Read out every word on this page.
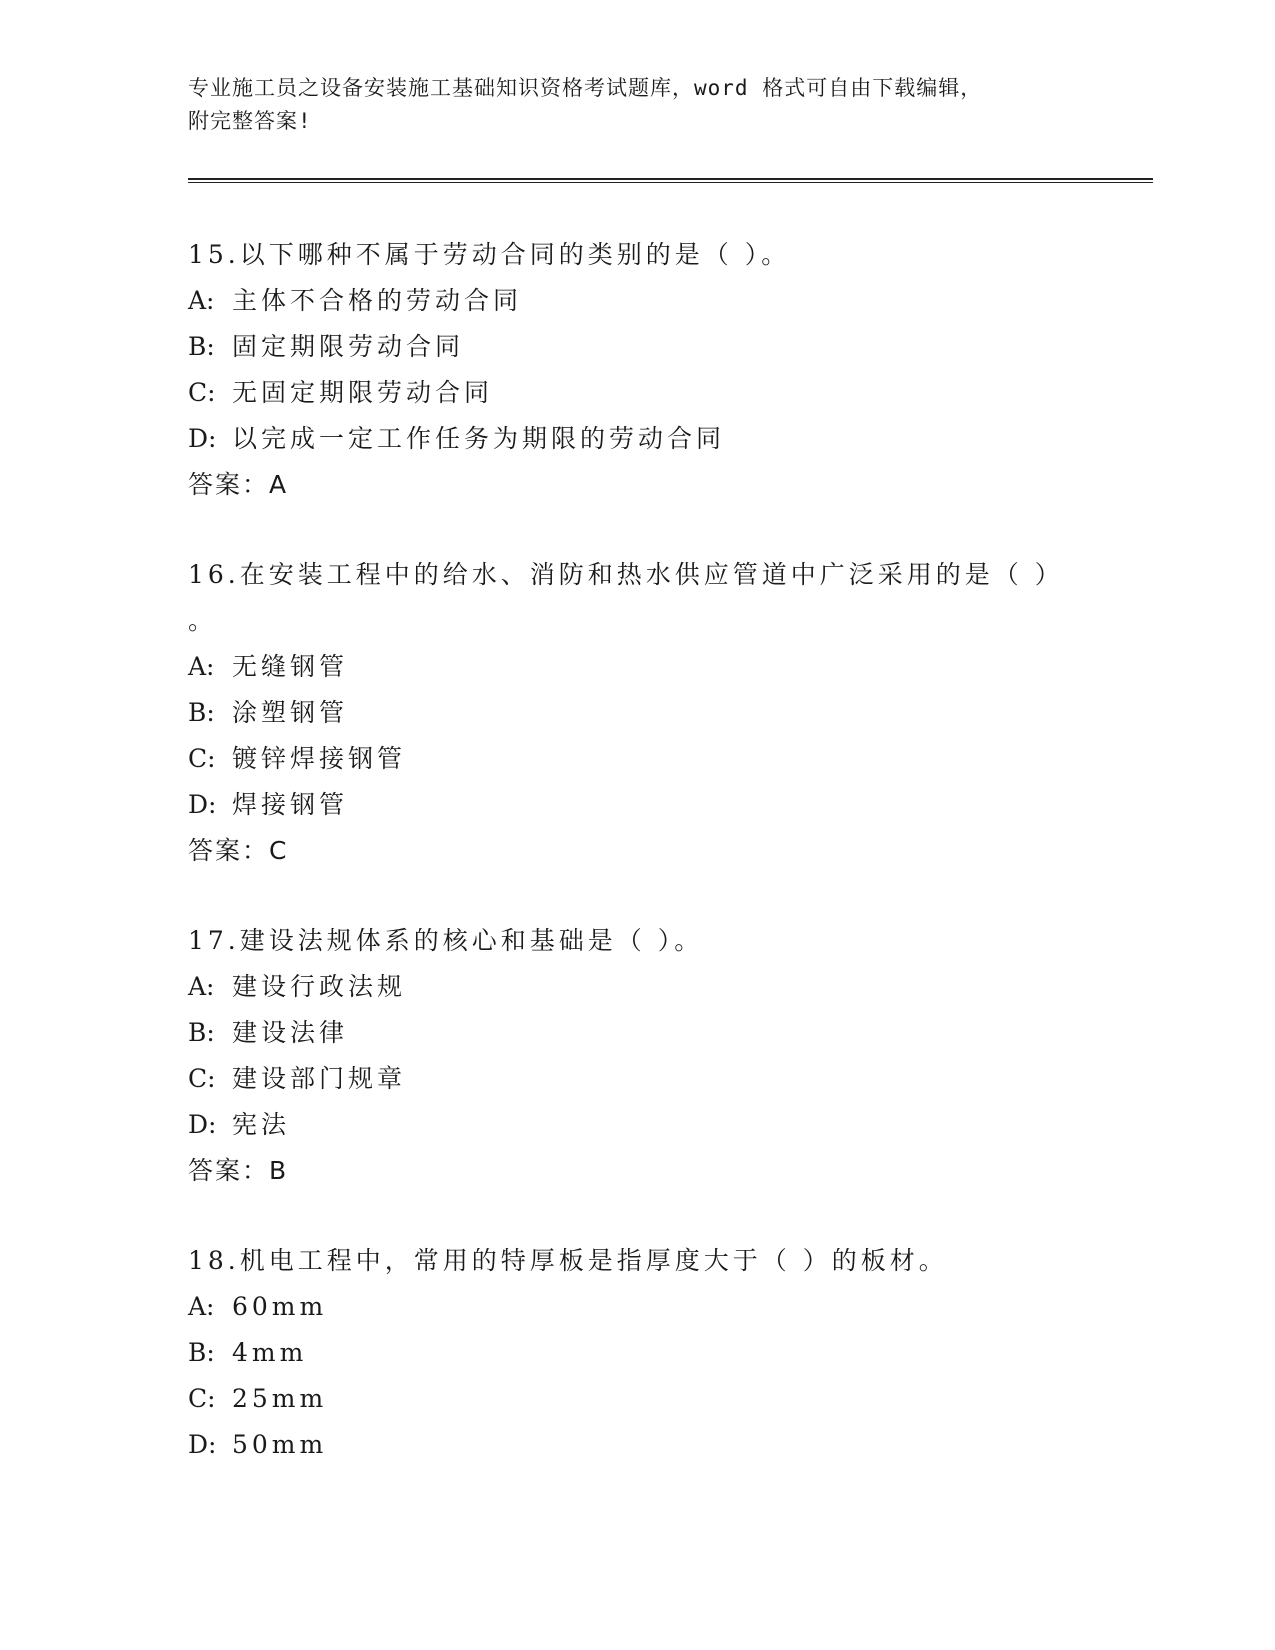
专业施工员之设备安装施工基础知识资格考试题库，word 格式可自由下载编辑，
附完整答案!
15.以下哪种不属于劳动合同的类别的是（ ）。
A: 主体不合格的劳动合同
B: 固定期限劳动合同
C: 无固定期限劳动合同
D: 以完成一定工作任务为期限的劳动合同
答案：A
16.在安装工程中的给水、消防和热水供应管道中广泛采用的是（ ）
。
A: 无缝钢管
B: 涂塑钢管
C: 镀锌焊接钢管
D: 焊接钢管
答案：C
17.建设法规体系的核心和基础是（ ）。
A: 建设行政法规
B: 建设法律
C: 建设部门规章
D: 宪法
答案：B
18.机电工程中，常用的特厚板是指厚度大于（ ）的板材。
A: 60mm
B: 4mm
C: 25mm
D: 50mm
